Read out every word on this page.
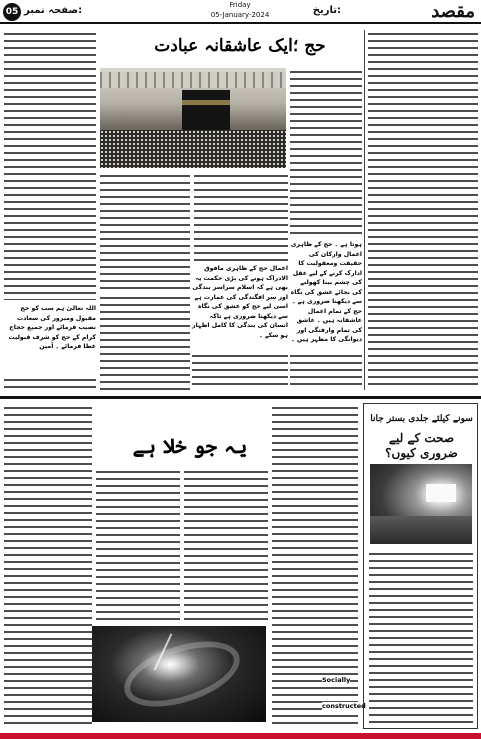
مقصد
تاریخ:
Friday
05-January-2024
صفحہ نمبر:
05
حج ؛ایک عاشقانہ عبادت
ہوتا ہے ۔ حج کے ظاہری اعمال وارکان کی حقیقت ومعقولیت کا ادارک کرنے کے لیے عقل کی چشم بینا کھولنے کی بجائے عشق کی نگاہ سے دیکھنا ضروری ہے ۔ حج کے تمام اعمال عاشقانہ ہیں ۔ عاشق کی تمام وارفتگی اور دیوانگی کا مظہر ہیں ۔
اعمال حج کے ظاہری مافوق الادراک ہونے کی بڑی حکمت یہ بھی ہے کہ اسلام سراسر بندگی اور سر افگندگی کی عمارت ہے اسی لیے حج کو عشق کی نگاہ سے دیکھنا ضروری ہے تاکہ انسان کی بندگی کا کامل اظہار ہو سکے ۔
اللہ تعالیٰ ہم سب کو حج مقبول ومبرور کی سعادت نصیب فرمائے اور جمیع حجاج کرام کے حج کو شرف قبولیت عطا فرمائے ۔ آمین
یہ جو خلا ہے
Socially
constructed
سونے کیلئے جلدی بستر جانا
صحت کے لیے ضروری کیوں؟
